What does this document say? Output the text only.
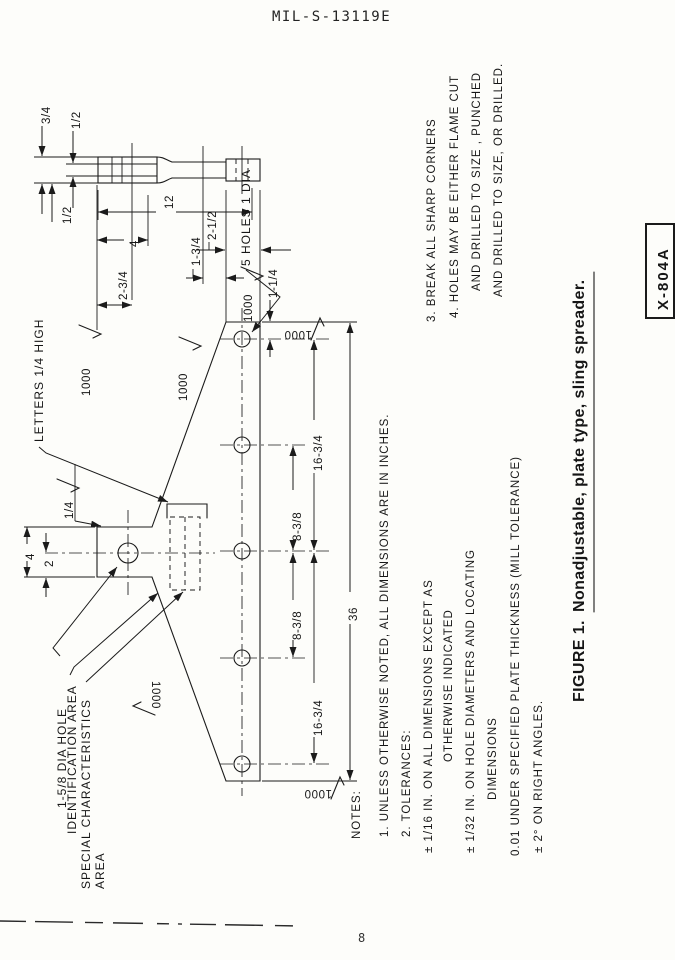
MIL-S-13119E
8
3/4 1/2
1/2
12
4
2-3/4
1-3/4
2-1/2
4
2
1-1/4
8-3/8
8-3/8
16-3/4
16-3/4
36
LETTERS 1/4 HIGH
1/4
1-5/8 DIA HOLE
IDENTIFICATION AREA SPECIAL CHARACTERISTICS AREA
5 HOLES 1 DIA
1000	1000
1000
1000
1000
1000 NOTES: 1. UNLESS OTHERWISE NOTED, ALL DIMENSIONS ARE IN INCHES. 2. TOLERANCES: ± 1/16 IN. ON ALL DIMENSIONS EXCEPT AS OTHERWISE INDICATED ± 1/32 IN. ON HOLE DIAMETERS AND LOCATING DIMENSIONS 0.01 UNDER SPECIFIED PLATE THICKNESS (MILL TOLERANCE) ± 2° ON RIGHT ANGLES.
3. BREAK ALL SHARP CORNERS 4. HOLES MAY BE EITHER FLAME CUT AND DRILLED TO SIZE , PUNCHED AND DRILLED TO SIZE, OR DRILLED.
FIGURE 1.
Nonadjustable, plate type, sling spreader.
X-804A
